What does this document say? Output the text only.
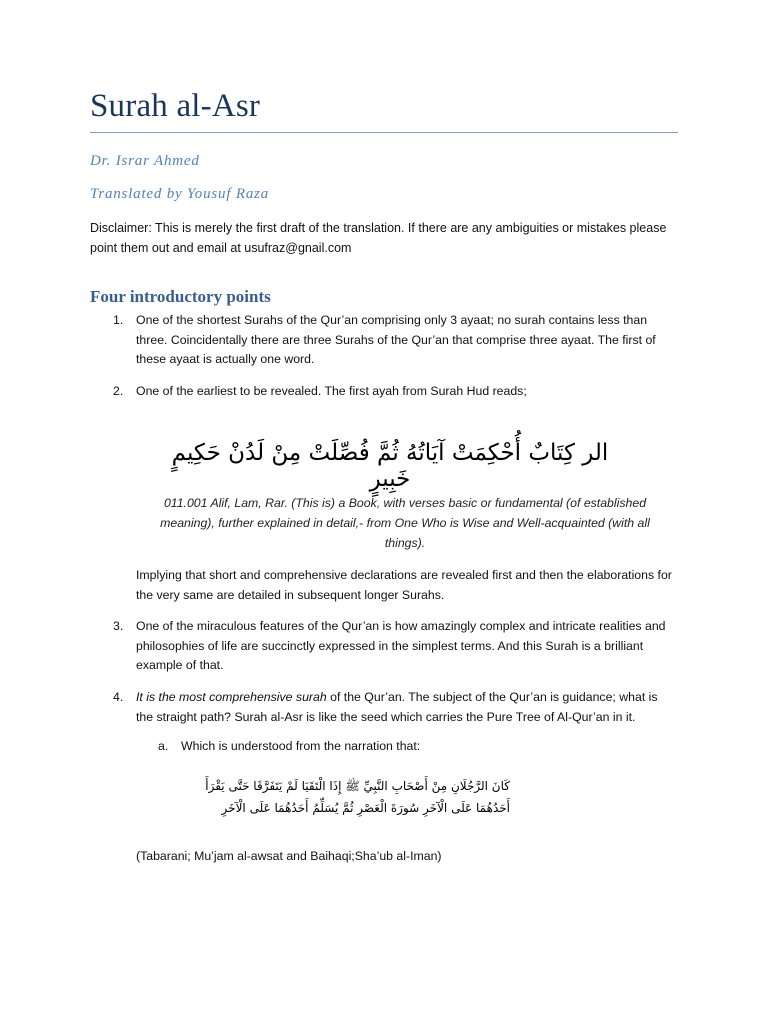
Surah al-Asr
Dr. Israr Ahmed
Translated by Yousuf Raza
Disclaimer: This is merely the first draft of the translation. If there are any ambiguities or mistakes please point them out and email at usufraz@gnail.com
Four introductory points
1. One of the shortest Surahs of the Qur’an comprising only 3 ayaat; no surah contains less than three. Coincidentally there are three Surahs of the Qur’an that comprise three ayaat. The first of these ayaat is actually one word.
2. One of the earliest to be revealed. The first ayah from Surah Hud reads;
الر كِتَابٌ أُحْكِمَتْ آيَاتُهُ ثُمَّ فُصِّلَتْ مِنْ لَدُنْ حَكِيمٍ خَبِيرٍ
011.001 Alif, Lam, Rar. (This is) a Book, with verses basic or fundamental (of established meaning), further explained in detail,- from One Who is Wise and Well-acquainted (with all things).
Implying that short and comprehensive declarations are revealed first and then the elaborations for the very same are detailed in subsequent longer Surahs.
3. One of the miraculous features of the Qur’an is how amazingly complex and intricate realities and philosophies of life are succinctly expressed in the simplest terms. And this Surah is a brilliant example of that.
4. It is the most comprehensive surah of the Qur’an. The subject of the Qur’an is guidance; what is the straight path? Surah al-Asr is like the seed which carries the Pure Tree of Al-Qur’an in it.
a. Which is understood from the narration that:
كَانَ الرَّجُلَانِ مِنْ أَصْحَابِ النَّبِيِّ ﷺ إِذَا الْتَقَيَا لَمْ يَتَفَرَّقَا حَتَّى يَقْرَأَ أَحَدُهُمَا عَلَى الْآخَرِ سُورَةَ الْعَصْرِ ثُمَّ يُسَلِّمُ أَحَدُهُمَا عَلَى الْآخَرِ
(Tabarani; Mu’jam al-awsat and Baihaqi;Sha’ub al-Iman)
